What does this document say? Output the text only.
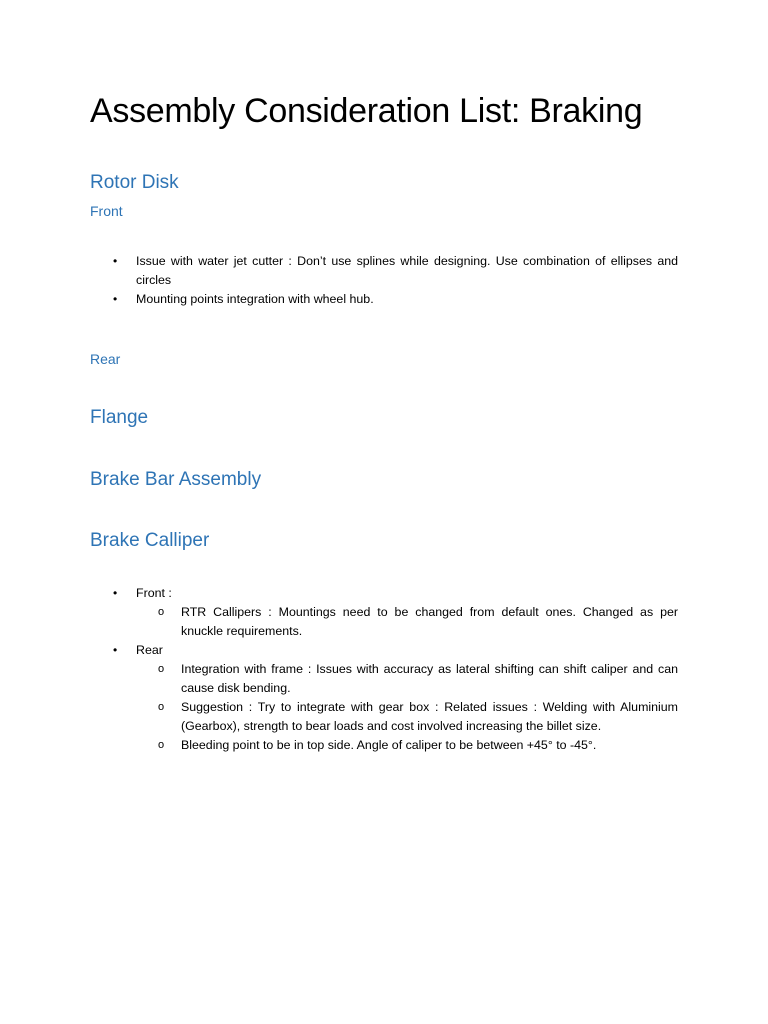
Assembly Consideration List: Braking
Rotor Disk
Front
• Issue with water jet cutter : Don’t use splines while designing. Use combination of ellipses and circles
• Mounting points integration with wheel hub.
Rear
Flange
Brake Bar Assembly
Brake Calliper
• Front :
o RTR Callipers : Mountings need to be changed from default ones. Changed as per knuckle requirements.
• Rear
o Integration with frame : Issues with accuracy as lateral shifting can shift caliper and can cause disk bending.
o Suggestion : Try to integrate with gear box : Related issues : Welding with Aluminium (Gearbox), strength to bear loads and cost involved increasing the billet size.
o Bleeding point to be in top side. Angle of caliper to be between +45° to -45°.
